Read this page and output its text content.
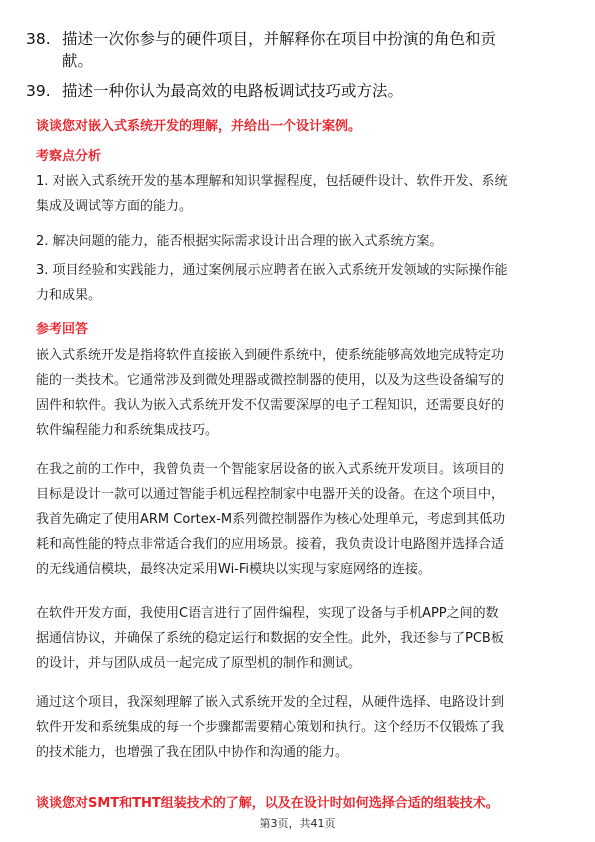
38. 描述一次你参与的硬件项目，并解释你在项目中扮演的角色和贡
献。
39. 描述一种你认为最高效的电路板调试技巧或方法。
谈谈您对嵌入式系统开发的理解，并给出一个设计案例。
考察点分析
1. 对嵌入式系统开发的基本理解和知识掌握程度，包括硬件设计、软件开发、系统
集成及调试等方面的能力。
2. 解决问题的能力，能否根据实际需求设计出合理的嵌入式系统方案。
3. 项目经验和实践能力，通过案例展示应聘者在嵌入式系统开发领域的实际操作能
力和成果。
参考回答
嵌入式系统开发是指将软件直接嵌入到硬件系统中，使系统能够高效地完成特定功
能的一类技术。它通常涉及到微处理器或微控制器的使用，以及为这些设备编写的
固件和软件。我认为嵌入式系统开发不仅需要深厚的电子工程知识，还需要良好的
软件编程能力和系统集成技巧。
在我之前的工作中，我曾负责一个智能家居设备的嵌入式系统开发项目。该项目的
目标是设计一款可以通过智能手机远程控制家中电器开关的设备。在这个项目中，
我首先确定了使用ARM Cortex-M系列微控制器作为核心处理单元，考虑到其低功
耗和高性能的特点非常适合我们的应用场景。接着，我负责设计电路图并选择合适
的无线通信模块，最终决定采用Wi-Fi模块以实现与家庭网络的连接。
在软件开发方面，我使用C语言进行了固件编程，实现了设备与手机APP之间的数
据通信协议，并确保了系统的稳定运行和数据的安全性。此外，我还参与了PCB板
的设计，并与团队成员一起完成了原型机的制作和测试。
通过这个项目，我深刻理解了嵌入式系统开发的全过程，从硬件选择、电路设计到
软件开发和系统集成的每一个步骤都需要精心策划和执行。这个经历不仅锻炼了我
的技术能力，也增强了我在团队中协作和沟通的能力。
谈谈您对SMT和THT组装技术的了解，以及在设计时如何选择合适的组装技术。
第3页，共41页
